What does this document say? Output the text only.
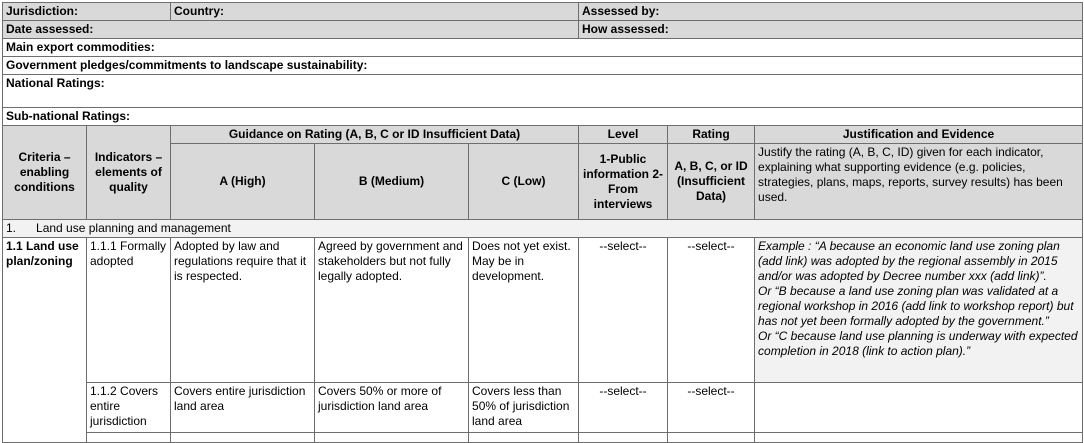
Jurisdiction:		Country:			Assessed by:		
Date assessed:					How assessed:		
Main export commodities:							
Government pledges/commitments to landscape sustainability:							
National Ratings:							
Sub-national Ratings:							
Criteria –enabling conditions	Indicators –elements of quality	Guidance on Rating (A, B, C or ID Insufficient Data)			Level	Rating	Justification and Evidence
		A (High)	B (Medium)	C (Low)	1-Public information 2-From interviews	A, B, C, or ID (Insufficient Data)	Justify the rating (A, B, C, ID) given for each indicator, explaining what supporting evidence (e.g. policies, strategies, plans, maps, reports, survey results) has been used.
1. Land use planning and management							
1.1 Land use plan/zoning	1.1.1 Formally adopted	Adopted by law and regulations require that it is respected.	Agreed by government and stakeholders but not fully legally adopted.	Does not yet exist. May be in development.	--select--	--select--	Example : “A because an economic land use zoning plan (add link) was adopted by the regional assembly in 2015 and/or was adopted by Decree number xxx (add link)”.
Or “B because a land use zoning plan was validated at a regional workshop in 2016 (add link to workshop report) but has not yet been formally adopted by the government.”
Or “C because land use planning is underway with expected completion in 2018 (link to action plan).”

	1.1.2 Covers entire jurisdiction	Covers entire jurisdiction land area	Covers 50% or more of jurisdiction land area	Covers less than 50% of jurisdiction land area	--select--	--select--	
